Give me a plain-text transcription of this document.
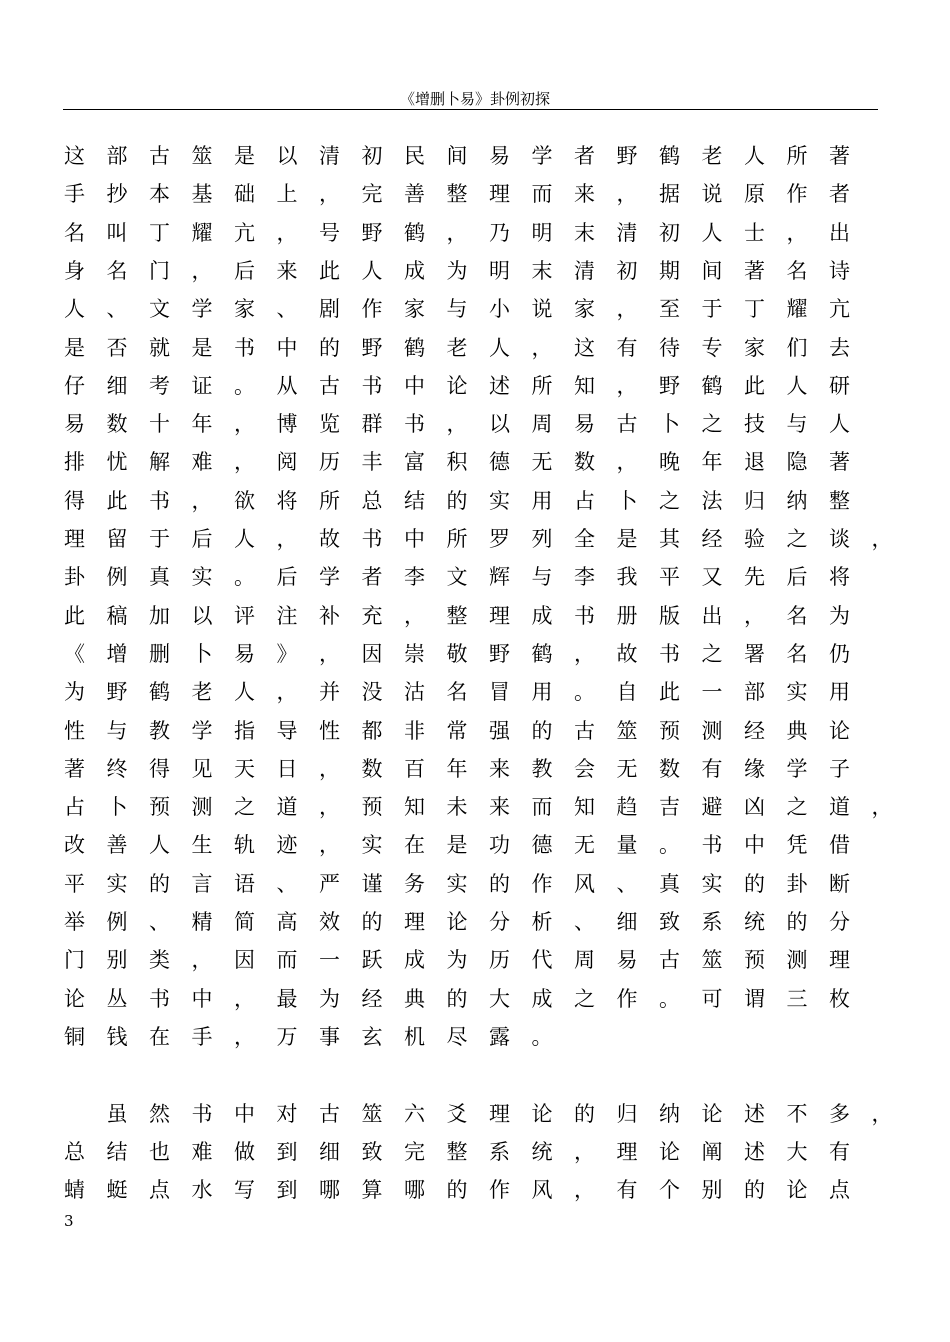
《增删卜易》卦例初探
这	部	古	筮	是	以	清	初	民	间	易	学	者	野	鹤	老	人	所	著
手	抄	本	基	础	上	，	完	善	整	理	而	来	，	据	说	原	作	者
名	叫	丁	耀	亢	，	号	野	鹤	，	乃	明	末	清	初	人	士	，	出
身	名	门	，	后	来	此	人	成	为	明	末	清	初	期	间	著	名	诗
人	、	文	学	家	、	剧	作	家	与	小	说	家	，	至	于	丁	耀	亢
是	否	就	是	书	中	的	野	鹤	老	人	，	这	有	待	专	家	们	去
仔	细	考	证	。	从	古	书	中	论	述	所	知	，	野	鹤	此	人	研
易	数	十	年	，	博	览	群	书	，	以	周	易	古	卜	之	技	与	人
排	忧	解	难	，	阅	历	丰	富	积	德	无	数	，	晚	年	退	隐	著
得	此	书	，	欲	将	所	总	结	的	实	用	占	卜	之	法	归	纳	整
理	留	于	后	人	，	故	书	中	所	罗	列	全	是	其	经	验	之	谈	，
卦	例	真	实	。	后	学	者	李	文	辉	与	李	我	平	又	先	后	将
此	稿	加	以	评	注	补	充	，	整	理	成	书	册	版	出	，	名	为
《	增	删	卜	易	》	，	因	崇	敬	野	鹤	，	故	书	之	署	名	仍
为	野	鹤	老	人	，	并	没	沽	名	冒	用	。	自	此	一	部	实	用
性	与	教	学	指	导	性	都	非	常	强	的	古	筮	预	测	经	典	论
著	终	得	见	天	日	，	数	百	年	来	教	会	无	数	有	缘	学	子
占	卜	预	测	之	道	，	预	知	未	来	而	知	趋	吉	避	凶	之	道	，
改	善	人	生	轨	迹	，	实	在	是	功	德	无	量	。	书	中	凭	借
平	实	的	言	语	、	严	谨	务	实	的	作	风	、	真	实	的	卦	断
举	例	、	精	简	高	效	的	理	论	分	析	、	细	致	系	统	的	分
门	别	类	，	因	而	一	跃	成	为	历	代	周	易	古	筮	预	测	理
论	丛	书	中	，	最	为	经	典	的	大	成	之	作	。	可	谓	三	枚
铜	钱	在	手	，	万	事	玄	机	尽	露	。

虽	然	书	中	对	古	筮	六	爻	理	论	的	归	纳	论	述	不	多	，
总	结	也	难	做	到	细	致	完	整	系	统	，	理	论	阐	述	大	有
蜻	蜓	点	水	写	到	哪	算	哪	的	作	风	，	有	个	别	的	论	点
3
